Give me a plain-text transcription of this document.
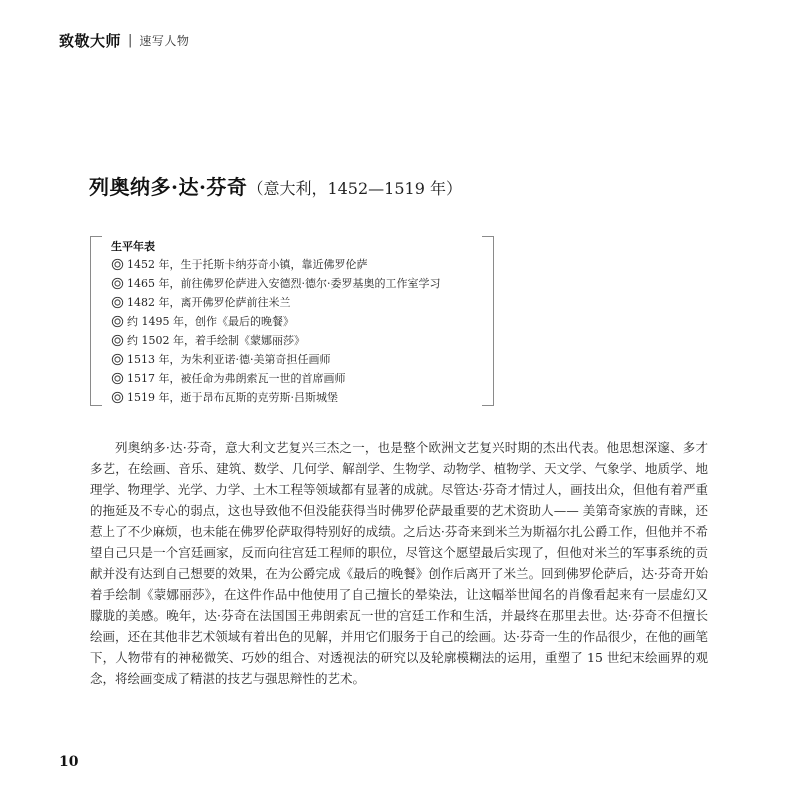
致敬大师 | 速写人物
列奥纳多·达·芬奇（意大利，1452—1519 年）
生平年表
1452 年，生于托斯卡纳芬奇小镇，靠近佛罗伦萨
1465 年，前往佛罗伦萨进入安德烈·德尔·委罗基奥的工作室学习
1482 年，离开佛罗伦萨前往米兰
约 1495 年，创作《最后的晚餐》
约 1502 年，着手绘制《蒙娜丽莎》
1513 年，为朱利亚诺·德·美第奇担任画师
1517 年，被任命为弗朗索瓦一世的首席画师
1519 年，逝于昂布瓦斯的克劳斯·吕斯城堡

列奥纳多·达·芬奇，意大利文艺复兴三杰之一，也是整个欧洲文艺复兴时期的杰出代表。他思想深邃、多才多艺，在绘画、音乐、建筑、数学、几何学、解剖学、生物学、动物学、植物学、天文学、气象学、地质学、地理学、物理学、光学、力学、土木工程等领域都有显著的成就。尽管达·芬奇才情过人，画技出众，但他有着严重的拖延及不专心的弱点，这也导致他不但没能获得当时佛罗伦萨最重要的艺术资助人—— 美第奇家族的青睐，还惹上了不少麻烦，也未能在佛罗伦萨取得特别好的成绩。之后达·芬奇来到米兰为斯福尔扎公爵工作，但他并不希望自己只是一个宫廷画家，反而向往宫廷工程师的职位，尽管这个愿望最后实现了，但他对米兰的军事系统的贡献并没有达到自己想要的效果，在为公爵完成《最后的晚餐》创作后离开了米兰。回到佛罗伦萨后，达·芬奇开始着手绘制《蒙娜丽莎》，在这件作品中他使用了自己擅长的晕染法，让这幅举世闻名的肖像看起来有一层虚幻又朦胧的美感。晚年，达·芬奇在法国国王弗朗索瓦一世的宫廷工作和生活，并最终在那里去世。达·芬奇不但擅长绘画，还在其他非艺术领域有着出色的见解，并用它们服务于自己的绘画。达·芬奇一生的作品很少，在他的画笔下，人物带有的神秘微笑、巧妙的组合、对透视法的研究以及轮廓模糊法的运用，重塑了 15 世纪末绘画界的观念，将绘画变成了精湛的技艺与强思辩性的艺术。

10
